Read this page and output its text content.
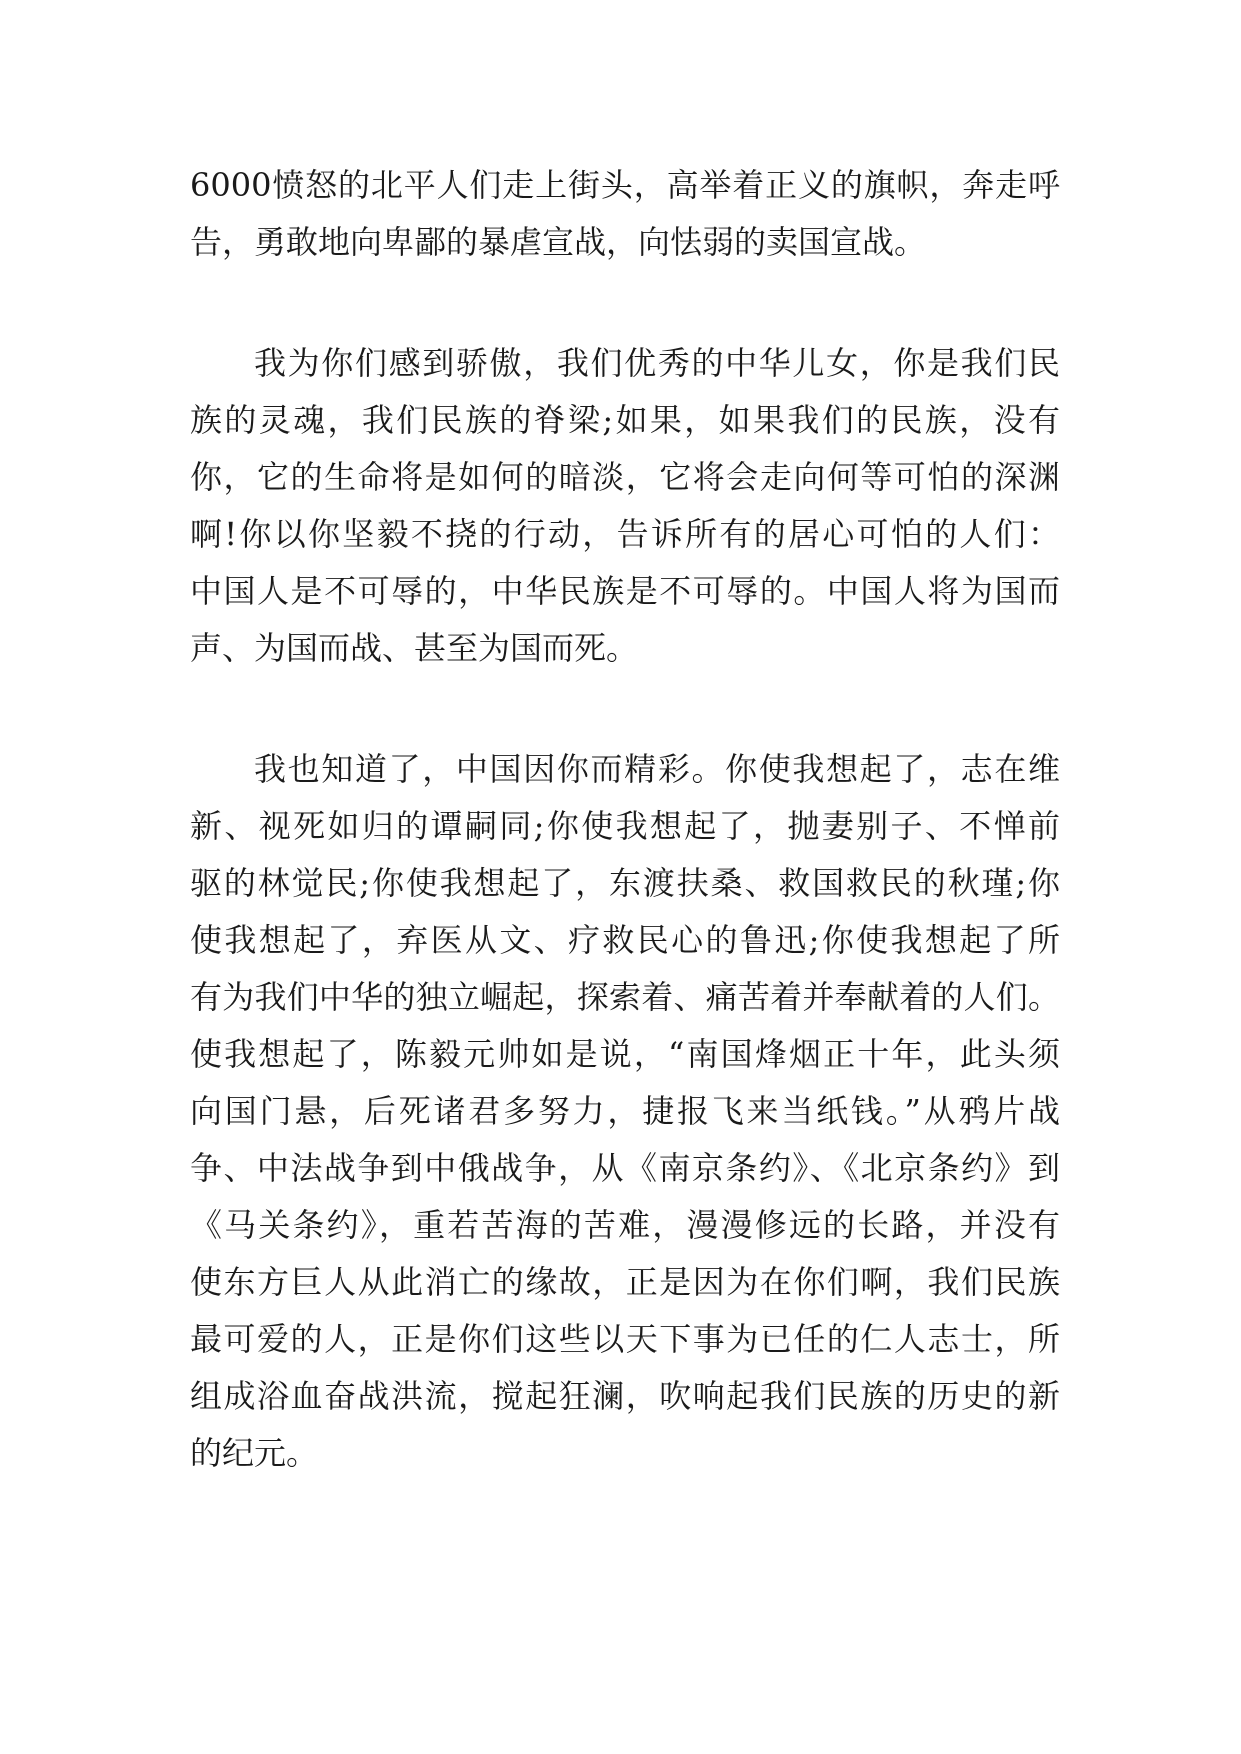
6000愤怒的北平人们走上街头，高举着正义的旗帜，奔走呼
告，勇敢地向卑鄙的暴虐宣战，向怯弱的卖国宣战。
我为你们感到骄傲，我们优秀的中华儿女，你是我们民
族的灵魂，我们民族的脊梁;如果，如果我们的民族，没有
你，它的生命将是如何的暗淡，它将会走向何等可怕的深渊
啊!你以你坚毅不挠的行动，告诉所有的居心可怕的人们：
中国人是不可辱的，中华民族是不可辱的。中国人将为国而
声、为国而战、甚至为国而死。
我也知道了，中国因你而精彩。你使我想起了，志在维
新、视死如归的谭嗣同;你使我想起了，抛妻别子、不惮前
驱的林觉民;你使我想起了，东渡扶桑、救国救民的秋瑾;你
使我想起了，弃医从文、疗救民心的鲁迅;你使我想起了所
有为我们中华的独立崛起，探索着、痛苦着并奉献着的人们。
使我想起了，陈毅元帅如是说，“南国烽烟正十年，此头须
向国门悬，后死诸君多努力，捷报飞来当纸钱。”从鸦片战
争、中法战争到中俄战争，从《南京条约》、《北京条约》到
《马关条约》，重若苦海的苦难，漫漫修远的长路，并没有
使东方巨人从此消亡的缘故，正是因为在你们啊，我们民族
最可爱的人，正是你们这些以天下事为已任的仁人志士，所
组成浴血奋战洪流，搅起狂澜，吹响起我们民族的历史的新
的纪元。
